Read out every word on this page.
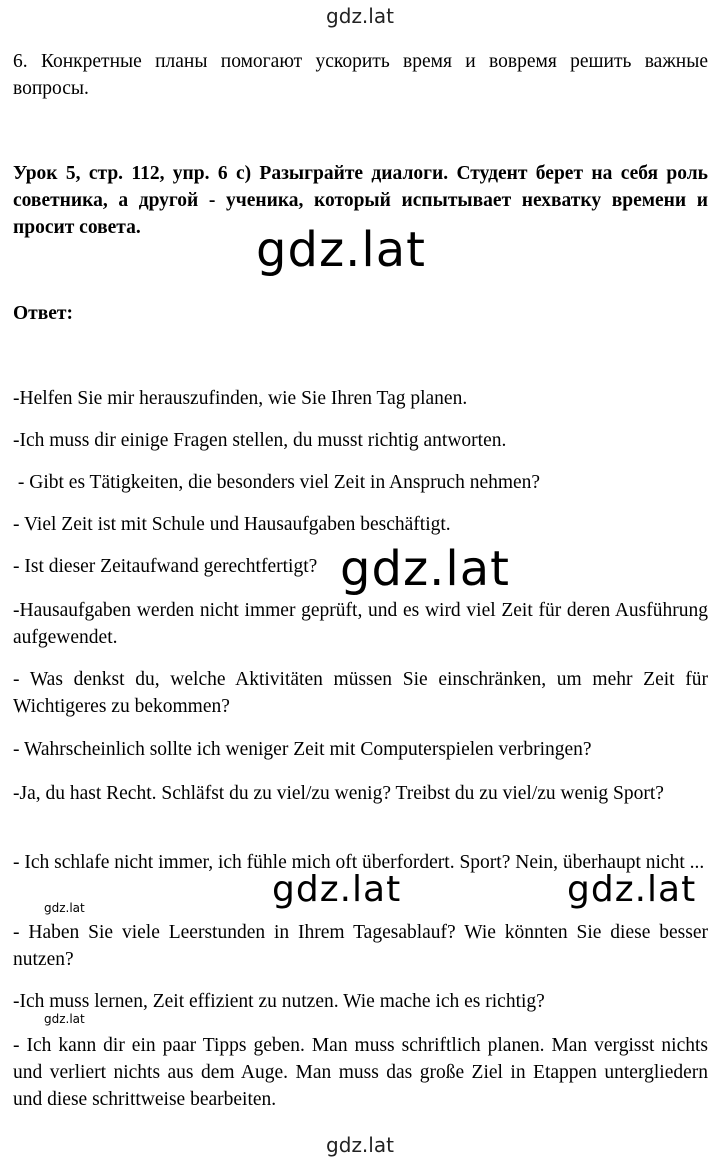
gdz.lat

6. Конкретные планы помогают ускорить время и вовремя решить важные вопросы.

Урок 5, стр. 112, упр. 6 с) Разыграйте диалоги. Студент берет на себя роль советника, а другой - ученика, который испытывает нехватку времени и просит совета.

Ответ:

-Helfen Sie mir herauszufinden, wie Sie Ihren Tag planen.

-Ich muss dir einige Fragen stellen, du musst richtig antworten.

- Gibt es Tätigkeiten, die besonders viel Zeit in Anspruch nehmen?

- Viel Zeit ist mit Schule und Hausaufgaben beschäftigt.

- Ist dieser Zeitaufwand gerechtfertigt?

-Hausaufgaben werden nicht immer geprüft, und es wird viel Zeit für deren Ausführung aufgewendet.

- Was denkst du, welche Aktivitäten müssen Sie einschränken, um mehr Zeit für Wichtigeres zu bekommen?

- Wahrscheinlich sollte ich weniger Zeit mit Computerspielen verbringen?

-Ja, du hast Recht. Schläfst du zu viel/zu wenig? Treibst du zu viel/zu wenig Sport?

- Ich schlafe nicht immer, ich fühle mich oft überfordert. Sport? Nein, überhaupt nicht ...

- Haben Sie viele Leerstunden in Ihrem Tagesablauf? Wie könnten Sie diese besser nutzen?

-Ich muss lernen, Zeit effizient zu nutzen. Wie mache ich es richtig?

- Ich kann dir ein paar Tipps geben. Man muss schriftlich planen. Man vergisst nichts und verliert nichts aus dem Auge. Man muss das große Ziel in Etappen untergliedern und diese schrittweise bearbeiten.

gdz.lat
gdz.lat
gdz.lat	gdz.lat
gdz.lat
gdz.lat
gdz.lat
